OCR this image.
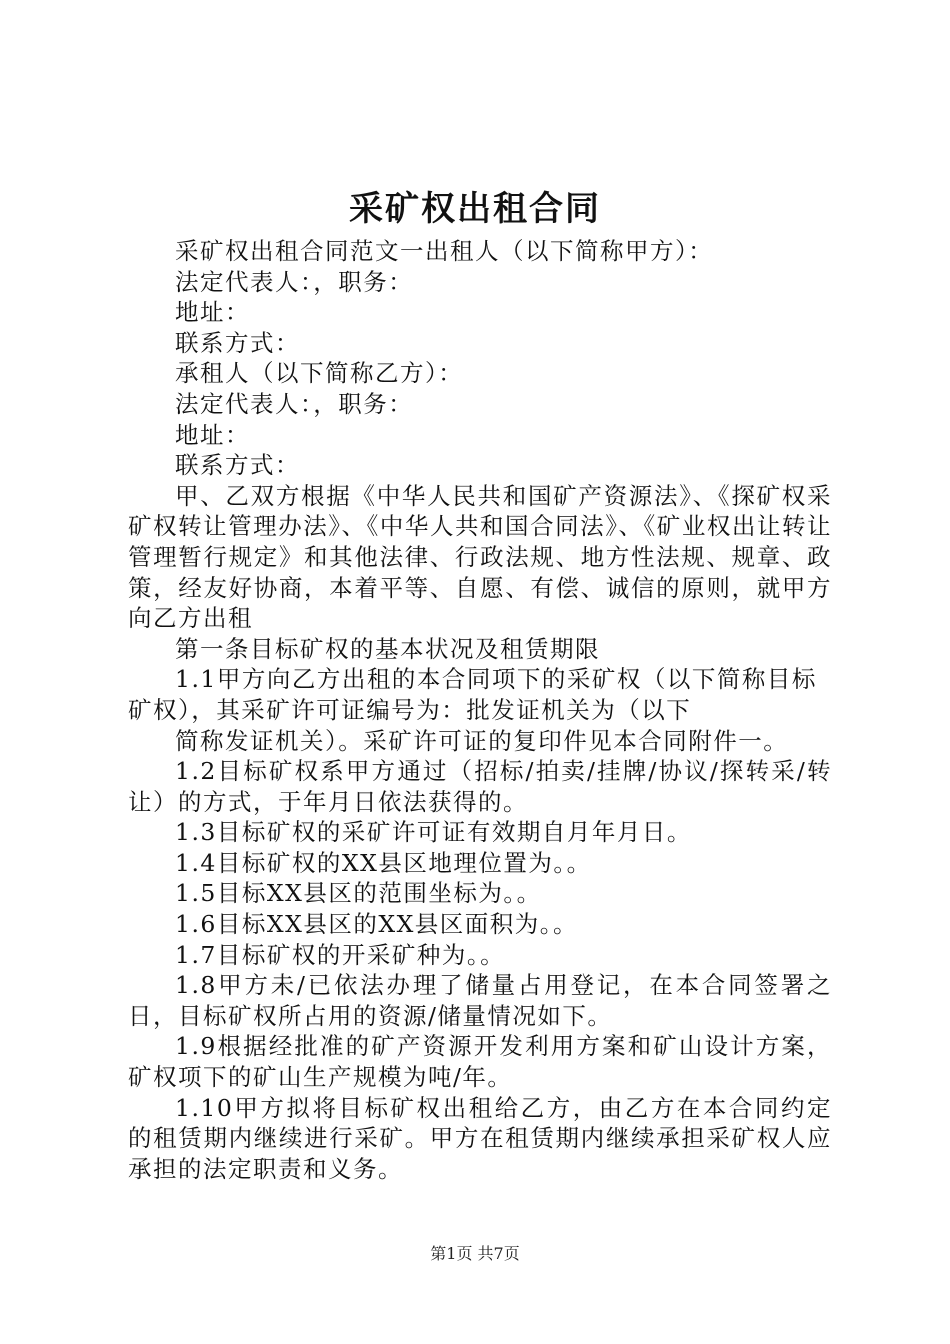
采矿权出租合同

采矿权出租合同范文一出租人（以下简称甲方）：

法定代表人：，职务：

地址：

联系方式：

承租人（以下简称乙方）：

法定代表人：，职务：

地址：

联系方式：

甲、乙双方根据《中华人民共和国矿产资源法》、《探矿权采矿权转让管理办法》、《中华人共和国合同法》、《矿业权出让转让管理暂行规定》和其他法律、行政法规、地方性法规、规章、政策，经友好协商，本着平等、自愿、有偿、诚信的原则，就甲方向乙方出租

第一条目标矿权的基本状况及租赁期限

1.1甲方向乙方出租的本合同项下的采矿权（以下简称目标矿权），其采矿许可证编号为：批发证机关为（以下

简称发证机关）。采矿许可证的复印件见本合同附件一。

1.2目标矿权系甲方通过（招标/拍卖/挂牌/协议/探转采/转让）的方式，于年月日依法获得的。

1.3目标矿权的采矿许可证有效期自月年月日。

1.4目标矿权的XX县区地理位置为。。

1.5目标XX县区的范围坐标为。。

1.6目标XX县区的XX县区面积为。。

1.7目标矿权的开采矿种为。。

1.8甲方未/已依法办理了储量占用登记，在本合同签署之日，目标矿权所占用的资源/储量情况如下。

1.9根据经批准的矿产资源开发利用方案和矿山设计方案，矿权项下的矿山生产规模为吨/年。

1.10甲方拟将目标矿权出租给乙方，由乙方在本合同约定的租赁期内继续进行采矿。甲方在租赁期内继续承担采矿权人应承担的法定职责和义务。

第1页 共7页
